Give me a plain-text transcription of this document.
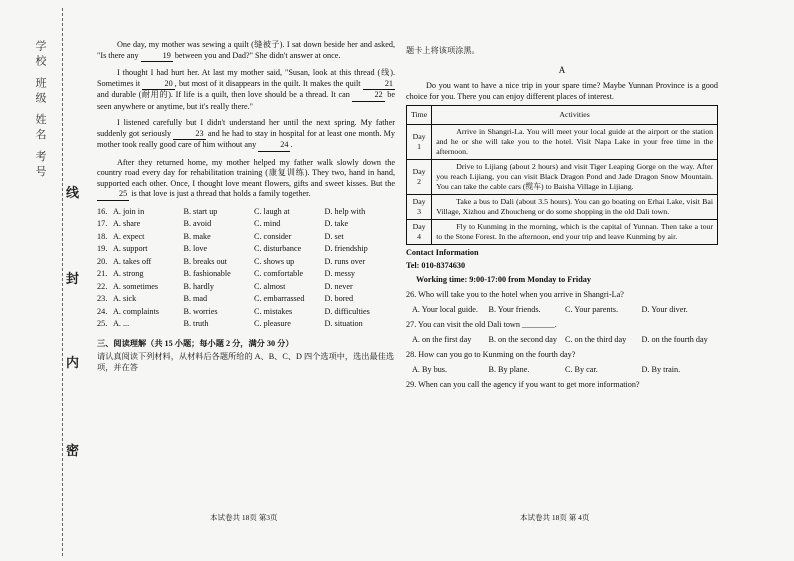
学校 班级 姓名 考号
线
封
内
密

One day, my mother was sewing a quilt (缝被子). I sat down beside her and asked, "Is there any	19 between you and Dad?" She didn't answer at once.

I thought I had hurt her. At last my mother said, "Susan, look at this thread (线). Sometimes it	20 , but most of it disappears in the quilt. It makes the quilt	21 and durable (耐用的). If life is a quilt, then love should be a thread. It can	22 be seen anywhere or anytime, but it's really there."

I listened carefully but I didn't understand her until the next spring. My father suddenly got seriously	23 and he had to stay in hospital for at least one month. My mother took really good care of him without any	24 .

After they returned home, my mother helped my father walk slowly down the country road every day for rehabilitation training (康复训练). They two, hand in hand, supported each other. Once, I thought love meant flowers, gifts and sweet kisses. But the 25 is that love is just a thread that holds a family together.

16. A. join in	B. start up	C. laugh at	D. help with
17. A. share	B. avoid	C. mind	D. take
18. A. expect	B. make	C. consider	D. set
19. A. support	B. love	C. disturbance	D. friendship
20. A. takes off	B. breaks out	C. shows up	D. runs over
21. A. strong	B. fashionable	C. comfortable	D. messy
22. A. sometimes	B. hardly	C. almost	D. never
23. A. sick	B. mad	C. embarrassed	D. bored
24. A. complaints	B. worries	C. mistakes	D. difficulties
25. A. ...	B. truth	C. pleasure	D. situation

三、阅读理解（共 15 小题；每小题 2 分，满分 30 分）

请认真阅读下列材料，从材料后各题所给的 A、B、C、D 四个选项中，选出最佳选项，并在答

本试卷共 18页 第3页

题卡上将该项涂黑。

A

Do you want to have a nice trip in your spare time? Maybe Yunnan Province is a good choice for you. There you can enjoy different places of interest.

Time	Activities
Day 1	Arrive in Shangri-La. You will meet your local guide at the airport or the station and he or she will take you to the hotel. Visit Napa Lake in your free time in the afternoon.
Day 2	Drive to Lijiang (about 2 hours) and visit Tiger Leaping Gorge on the way. After you reach Lijiang, you can visit Black Dragon Pond and Jade Dragon Snow Mountain. You can take the cable cars (缆车) to Baisha Village in Lijiang.
Day 3	Take a bus to Dali (about 3.5 hours). You can go boating on Erhai Lake, visit Bai Village, Xizhou and Zhoucheng or do some shopping in the old Dali town.
Day 4	Fly to Kunming in the morning, which is the capital of Yunnan. Then take a tour to the Stone Forest. In the afternoon, end your trip and leave Kunming by air.

Contact Information

Tel: 010-8374630

Working time: 9:00-17:00 from Monday to Friday

26. Who will take you to the hotel when you arrive in Shangri-La?

A. Your local guide.	B. Your friends.	C. Your parents.	D. Your diver.

27. You can visit the old Dali town ________.

A. on the first day	B. on the second day C. on the third day	D. on the fourth day

28. How can you go to Kunming on the fourth day?

A. By bus.	B. By plane.	C. By car.	D. By train.

29. When can you call the agency if you want to get more information?

本试卷共 18页 第 4页
